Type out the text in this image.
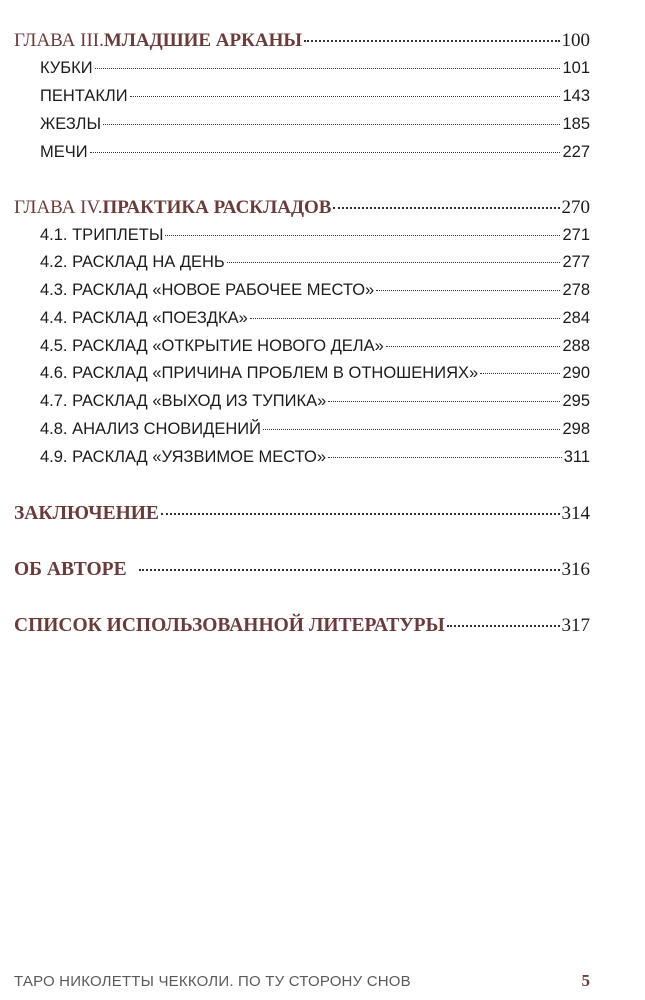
ГЛАВА III. МЛАДШИЕ АРКАНЫ	100
КУБКИ	101
ПЕНТАКЛИ	143
ЖЕЗЛЫ	185
МЕЧИ	227
ГЛАВА IV. ПРАКТИКА РАСКЛАДОВ	270
4.1. ТРИПЛЕТЫ	271
4.2. РАСКЛАД НА ДЕНЬ	277
4.3. РАСКЛАД «НОВОЕ РАБОЧЕЕ МЕСТО»	278
4.4. РАСКЛАД «ПОЕЗДКА»	284
4.5. РАСКЛАД «ОТКРЫТИЕ НОВОГО ДЕЛА»	288
4.6. РАСКЛАД «ПРИЧИНА ПРОБЛЕМ В ОТНОШЕНИЯХ»	290
4.7. РАСКЛАД «ВЫХОД ИЗ ТУПИКА»	295
4.8. АНАЛИЗ СНОВИДЕНИЙ	298
4.9. РАСКЛАД «УЯЗВИМОЕ МЕСТО»	311
ЗАКЛЮЧЕНИЕ	314
ОБ АВТОРЕ	316
СПИСОК ИСПОЛЬЗОВАННОЙ ЛИТЕРАТУРЫ	317
ТАРО НИКОЛЕТТЫ ЧЕККОЛИ. ПО ТУ СТОРОНУ СНОВ	5
